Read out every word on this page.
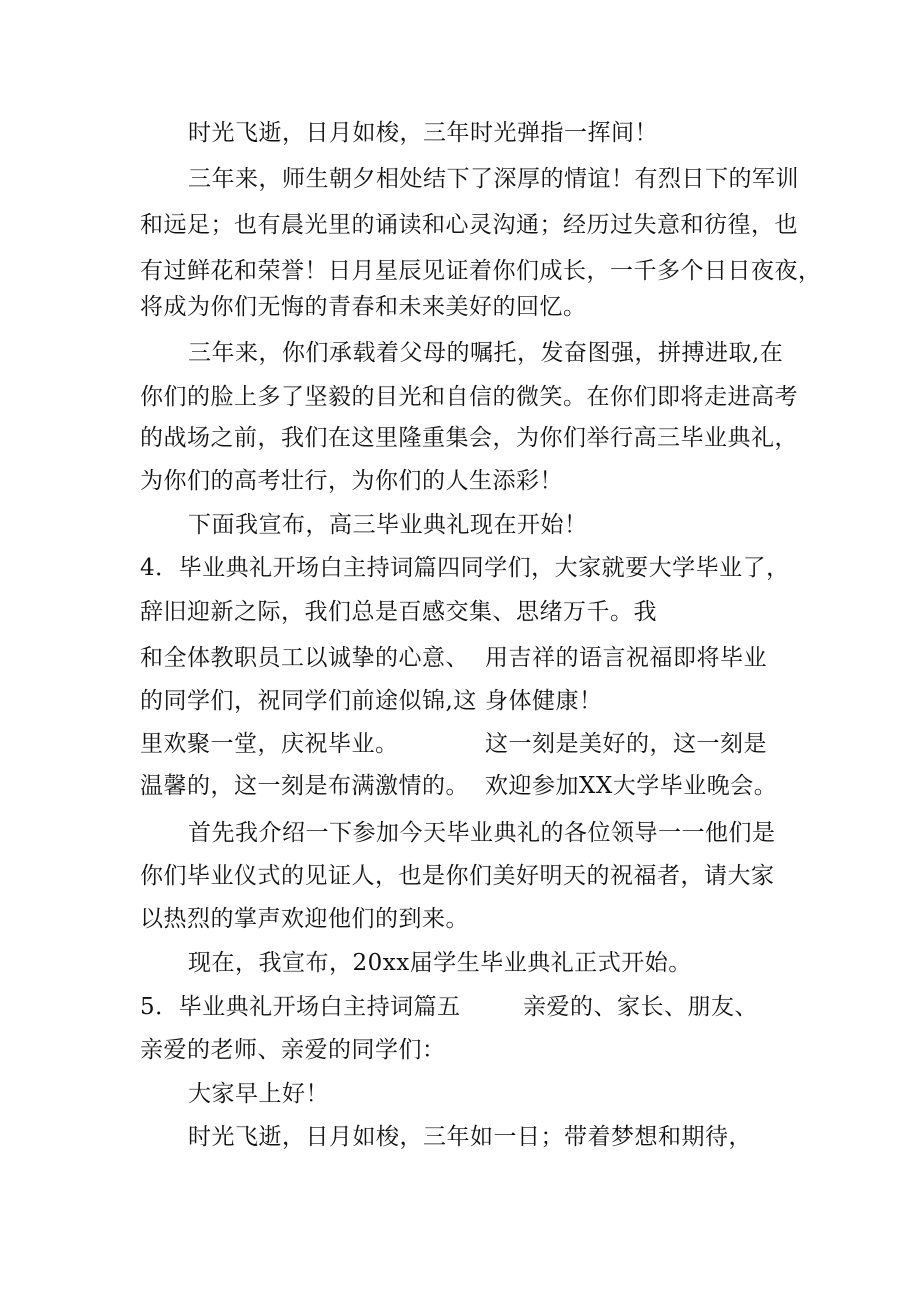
时光飞逝，日月如梭，三年时光弹指一挥间！
三年来，师生朝夕相处结下了深厚的情谊！有烈日下的军训
和远足；也有晨光里的诵读和心灵沟通；经历过失意和彷徨，也
有过鲜花和荣誉！日月星辰见证着你们成长，一千多个日日夜夜，
将成为你们无悔的青春和未来美好的回忆。
三年来，你们承载着父母的嘱托，发奋图强，拼搏进取,在
你们的脸上多了坚毅的目光和自信的微笑。在你们即将走进高考
的战场之前，我们在这里隆重集会，为你们举行高三毕业典礼，
为你们的高考壮行，为你们的人生添彩！
下面我宣布，高三毕业典礼现在开始！
4．毕业典礼开场白主持词篇四同学们，大家就要大学毕业了，
辞旧迎新之际，我们总是百感交集、思绪万千。我
和全体教职员工以诚挚的心意、 用吉祥的语言祝福即将毕业
的同学们，祝同学们前途似锦,这 身体健康！
里欢聚一堂，庆祝毕业。	这一刻是美好的，这一刻是
温馨的，这一刻是布满激情的。 欢迎参加XX大学毕业晚会。
首先我介绍一下参加今天毕业典礼的各位领导一一他们是
你们毕业仪式的见证人，也是你们美好明天的祝福者，请大家
以热烈的掌声欢迎他们的到来。
现在，我宣布，20xx届学生毕业典礼正式开始。
5．毕业典礼开场白主持词篇五	亲爱的、家长、朋友、
亲爱的老师、亲爱的同学们：
大家早上好！
时光飞逝，日月如梭，三年如一日；带着梦想和期待，
